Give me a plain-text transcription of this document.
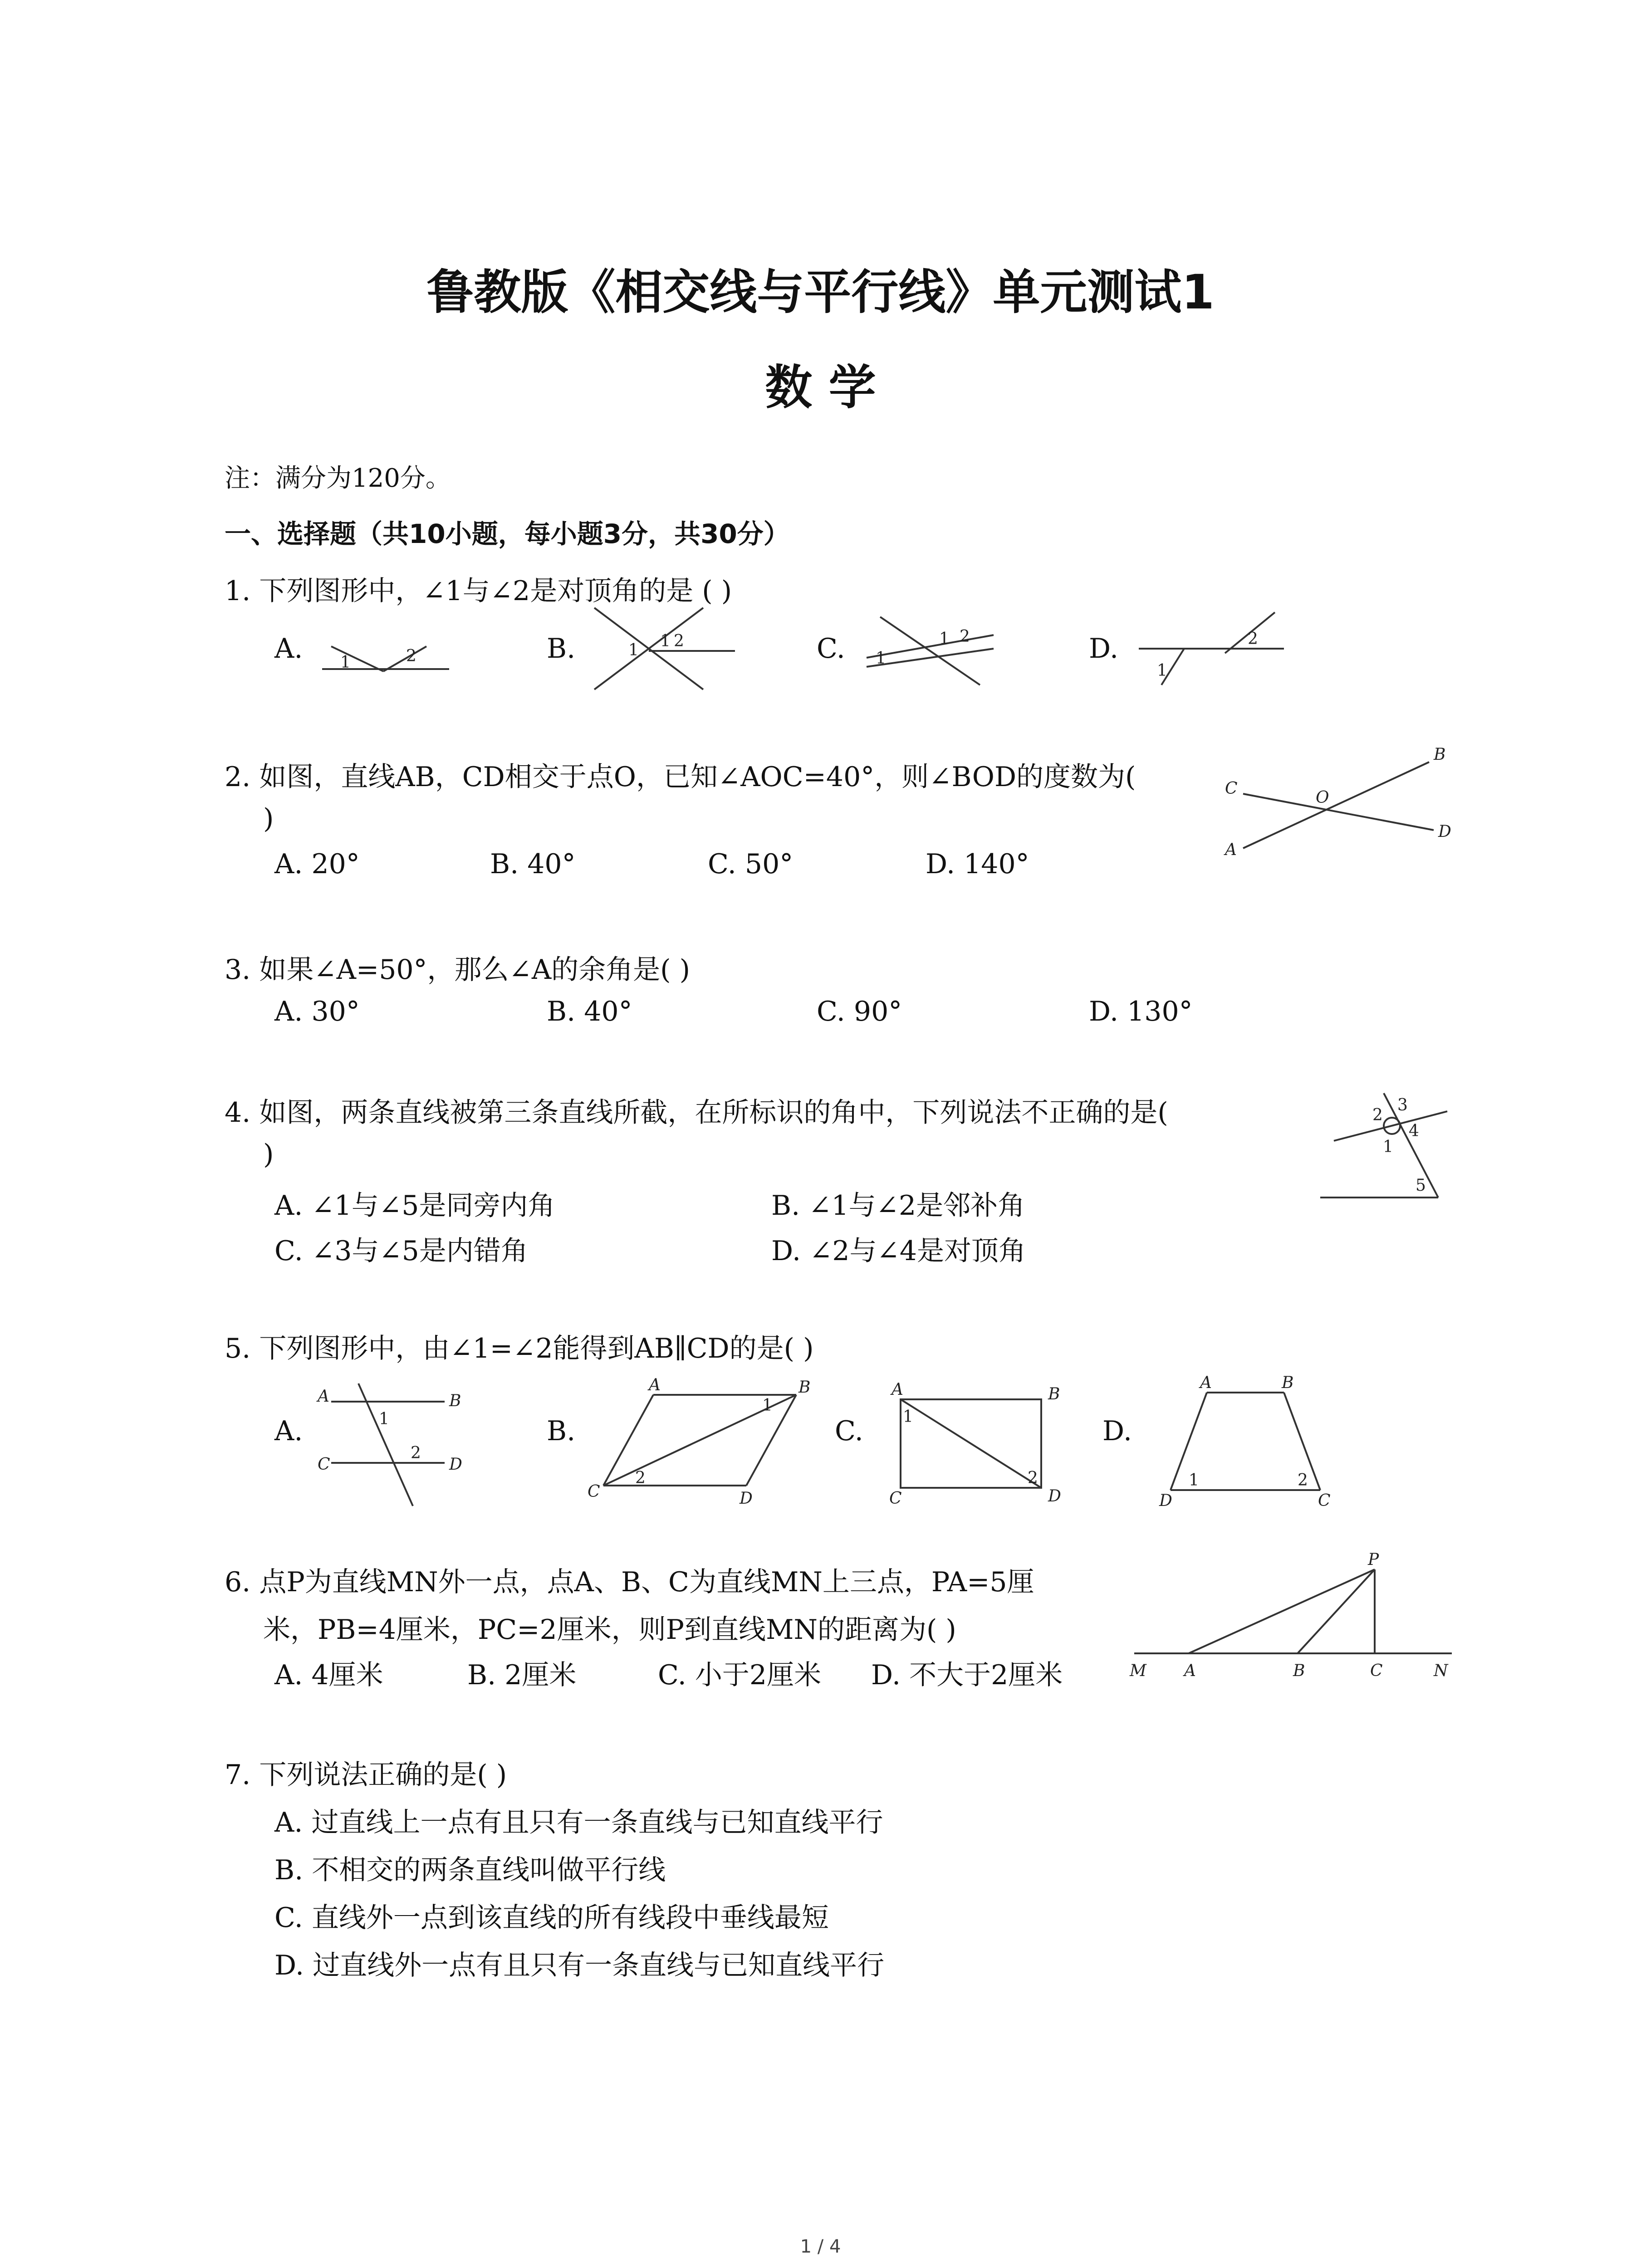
鲁教版《相交线与平行线》单元测试1
数 学
注：满分为120分。
一、选择题（共10小题，每小题3分，共30分）
1. 下列图形中，∠1与∠2是对顶角的是 ( )
A.	B.	C.	D.
1	2	1 1 2
1
1 2
1
2
2. 如图，直线AB，CD相交于点O，已知∠AOC=40°，则∠BOD的度数为(
)
A. 20°	B. 40°	C. 50°	D. 140°	A
B
C
D
O
3. 如果∠A=50°，那么∠A的余角是( )
A. 30°	B. 40°	C. 90°	D. 130°
4. 如图，两条直线被第三条直线所截，在所标识的角中，下列说法不正确的是(
)
A. ∠1与∠5是同旁内角	B. ∠1与∠2是邻补角
C. ∠3与∠5是内错角	D. ∠2与∠4是对顶角
2
3
4
1
5
5. 下列图形中，由∠1=∠2能得到AB∥CD的是( )
A.	B.	C.	D.
A	B
C	D
1
2
A	B
C	D
1
2
A	B
C	D
1
2
A	B
D	C
1	2
6. 点P为直线MN外一点，点A、B、C为直线MN上三点，PA=5厘
米，PB=4厘米，PC=2厘米，则P到直线MN的距离为( )
A. 4厘米	B. 2厘米	C. 小于2厘米 D. 不大于2厘米
P
M A	B	C	N
7. 下列说法正确的是( )
A. 过直线上一点有且只有一条直线与已知直线平行
B. 不相交的两条直线叫做平行线
C. 直线外一点到该直线的所有线段中垂线最短
D. 过直线外一点有且只有一条直线与已知直线平行
1 / 4
